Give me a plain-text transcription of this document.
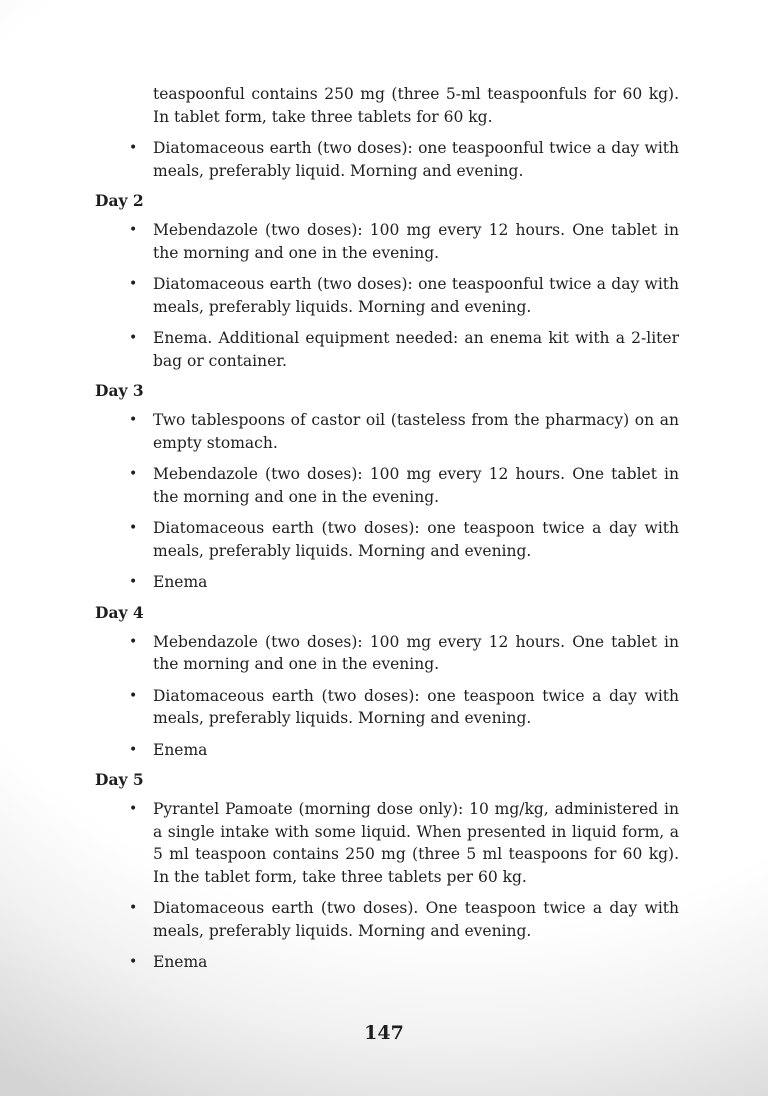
teaspoonful contains 250 mg (three 5-ml teaspoonfuls for 60 kg). In tablet form, take three tablets for 60 kg.

• Diatomaceous earth (two doses): one teaspoonful twice a day with meals, preferably liquid. Morning and evening.
Day 2
• Mebendazole (two doses): 100 mg every 12 hours. One tablet in the morning and one in the evening.
• Diatomaceous earth (two doses): one teaspoonful twice a day with meals, preferably liquids. Morning and evening.
• Enema. Additional equipment needed: an enema kit with a 2-liter bag or container.
Day 3
• Two tablespoons of castor oil (tasteless from the pharmacy) on an empty stomach.
• Mebendazole (two doses): 100 mg every 12 hours. One tablet in the morning and one in the evening.
• Diatomaceous earth (two doses): one teaspoon twice a day with meals, preferably liquids. Morning and evening.
• Enema
Day 4
• Mebendazole (two doses): 100 mg every 12 hours. One tablet in the morning and one in the evening.
• Diatomaceous earth (two doses): one teaspoon twice a day with meals, preferably liquids. Morning and evening.
• Enema
Day 5
• Pyrantel Pamoate (morning dose only): 10 mg/kg, administered in a single intake with some liquid. When presented in liquid form, a 5 ml teaspoon contains 250 mg (three 5 ml teaspoons for 60 kg). In the tablet form, take three tablets per 60 kg.
• Diatomaceous earth (two doses). One teaspoon twice a day with meals, preferably liquids. Morning and evening.
• Enema
147
